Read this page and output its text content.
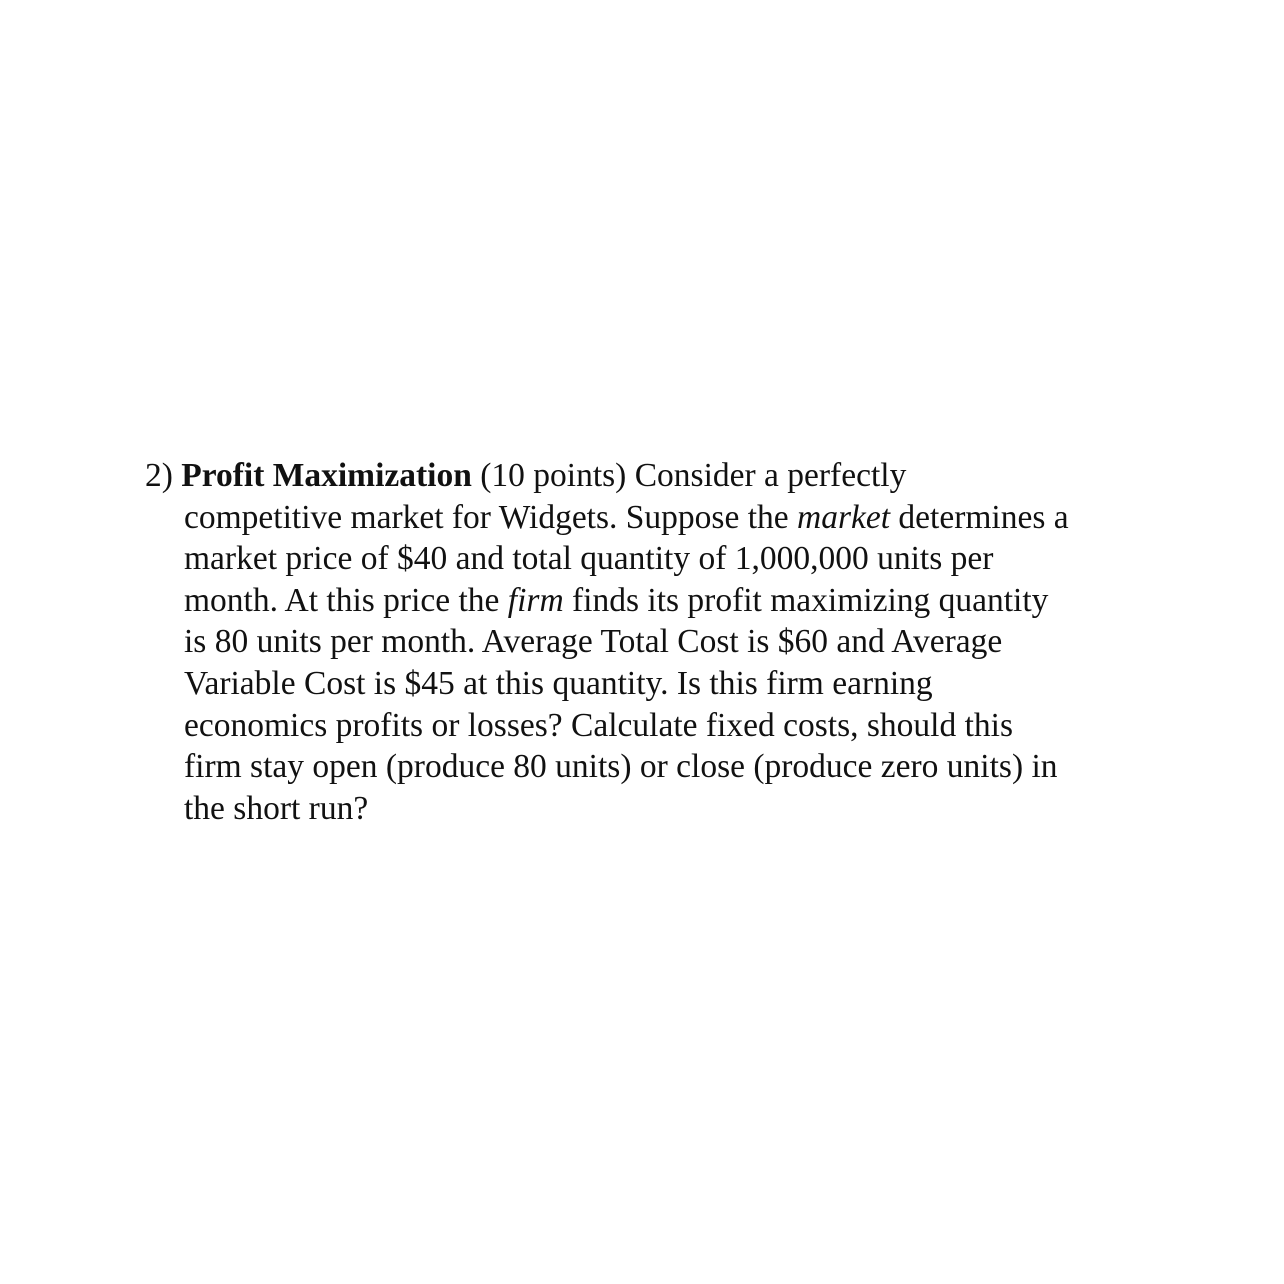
2) Profit Maximization (10 points) Consider a perfectly
competitive market for Widgets. Suppose the market determines a
market price of $40 and total quantity of 1,000,000 units per
month. At this price the firm finds its profit maximizing quantity
is 80 units per month. Average Total Cost is $60 and Average
Variable Cost is $45 at this quantity. Is this firm earning
economics profits or losses? Calculate fixed costs, should this
firm stay open (produce 80 units) or close (produce zero units) in
the short run?
